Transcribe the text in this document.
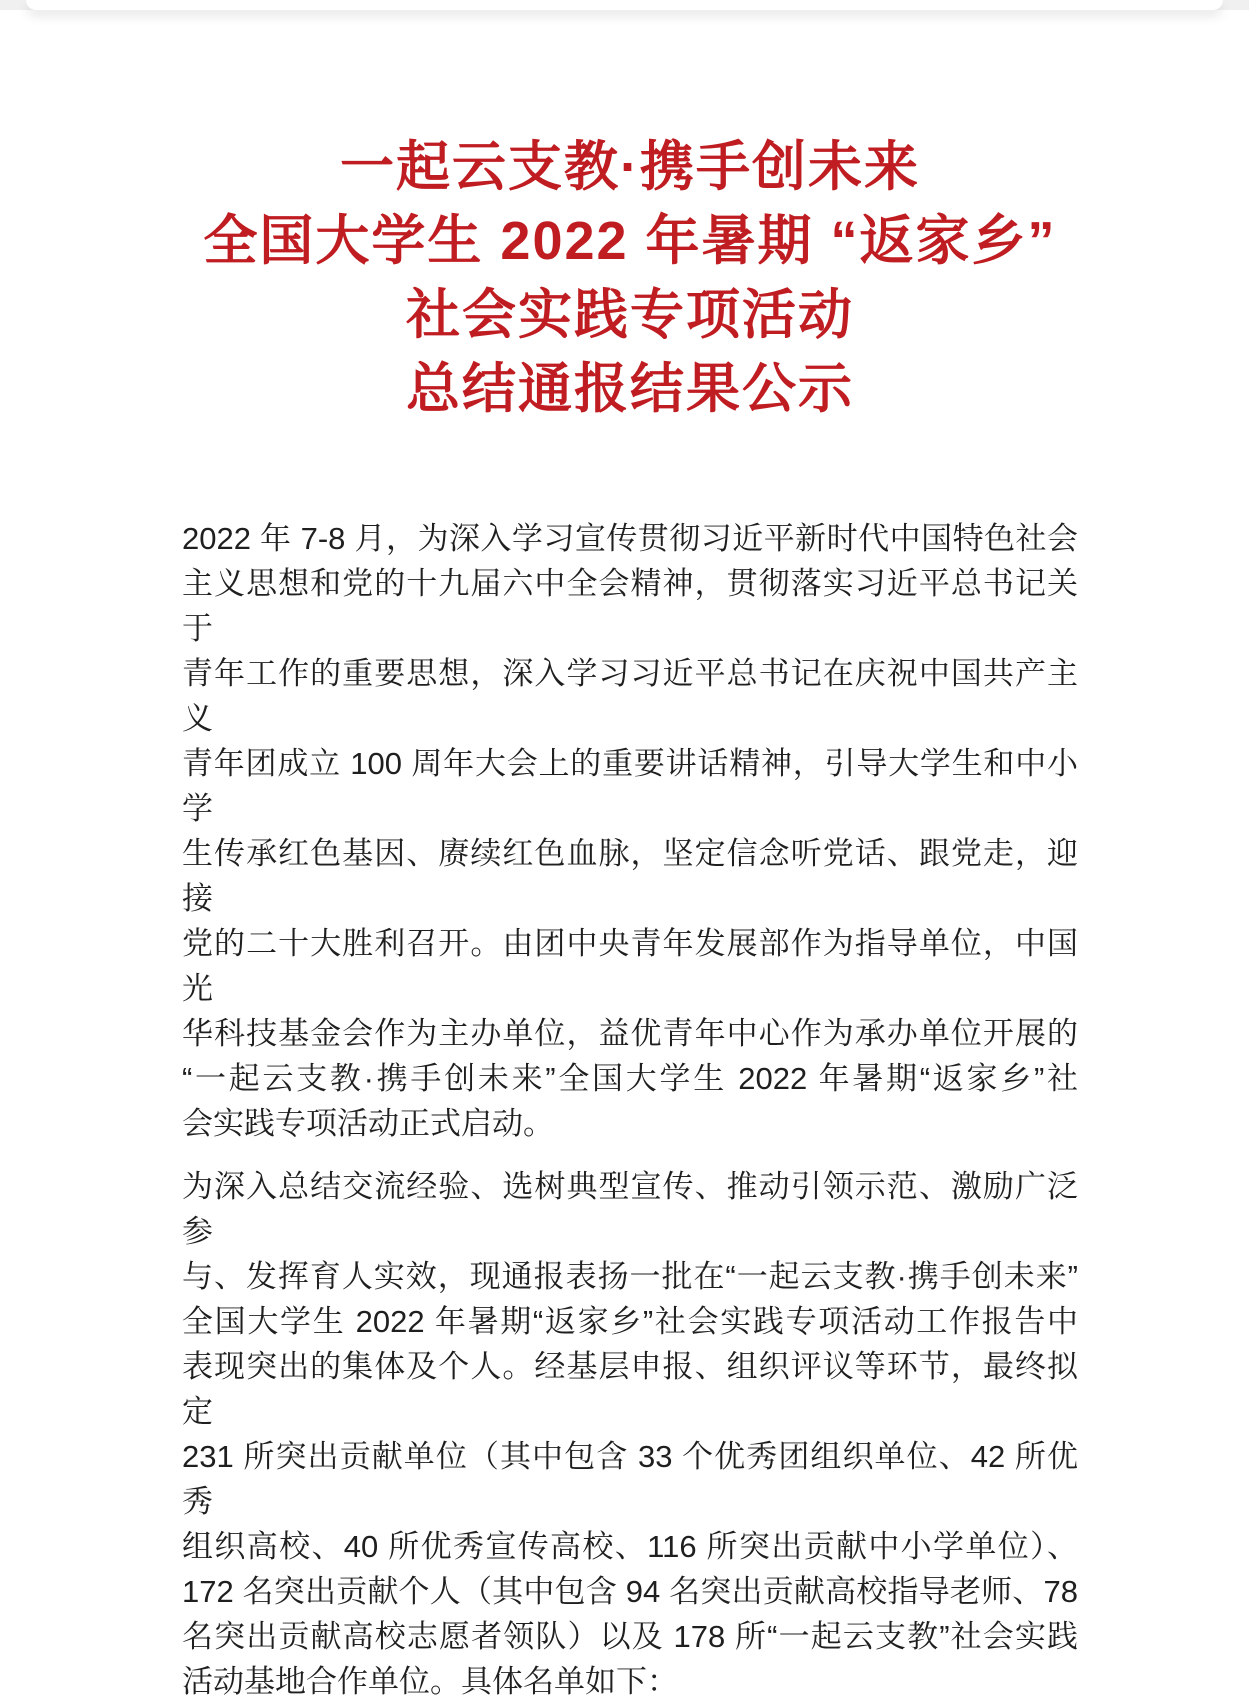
一起云支教·携手创未来
全国大学生 2022 年暑期 “返家乡”
社会实践专项活动
总结通报结果公示
2022 年 7-8 月，为深入学习宣传贯彻习近平新时代中国特色社会
主义思想和党的十九届六中全会精神，贯彻落实习近平总书记关于
青年工作的重要思想，深入学习习近平总书记在庆祝中国共产主义
青年团成立 100 周年大会上的重要讲话精神，引导大学生和中小学
生传承红色基因、赓续红色血脉，坚定信念听党话、跟党走，迎接
党的二十大胜利召开。由团中央青年发展部作为指导单位，中国光
华科技基金会作为主办单位，益优青年中心作为承办单位开展的
“一起云支教·携手创未来”全国大学生 2022 年暑期“返家乡”社
会实践专项活动正式启动。
为深入总结交流经验、选树典型宣传、推动引领示范、激励广泛参
与、发挥育人实效，现通报表扬一批在“一起云支教·携手创未来”
全国大学生 2022 年暑期“返家乡”社会实践专项活动工作报告中
表现突出的集体及个人。经基层申报、组织评议等环节，最终拟定
231 所突出贡献单位（其中包含 33 个优秀团组织单位、42 所优秀
组织高校、40 所优秀宣传高校、116 所突出贡献中小学单位）、
172 名突出贡献个人（其中包含 94 名突出贡献高校指导老师、78
名突出贡献高校志愿者领队）以及 178 所“一起云支教”社会实践
活动基地合作单位。具体名单如下：
